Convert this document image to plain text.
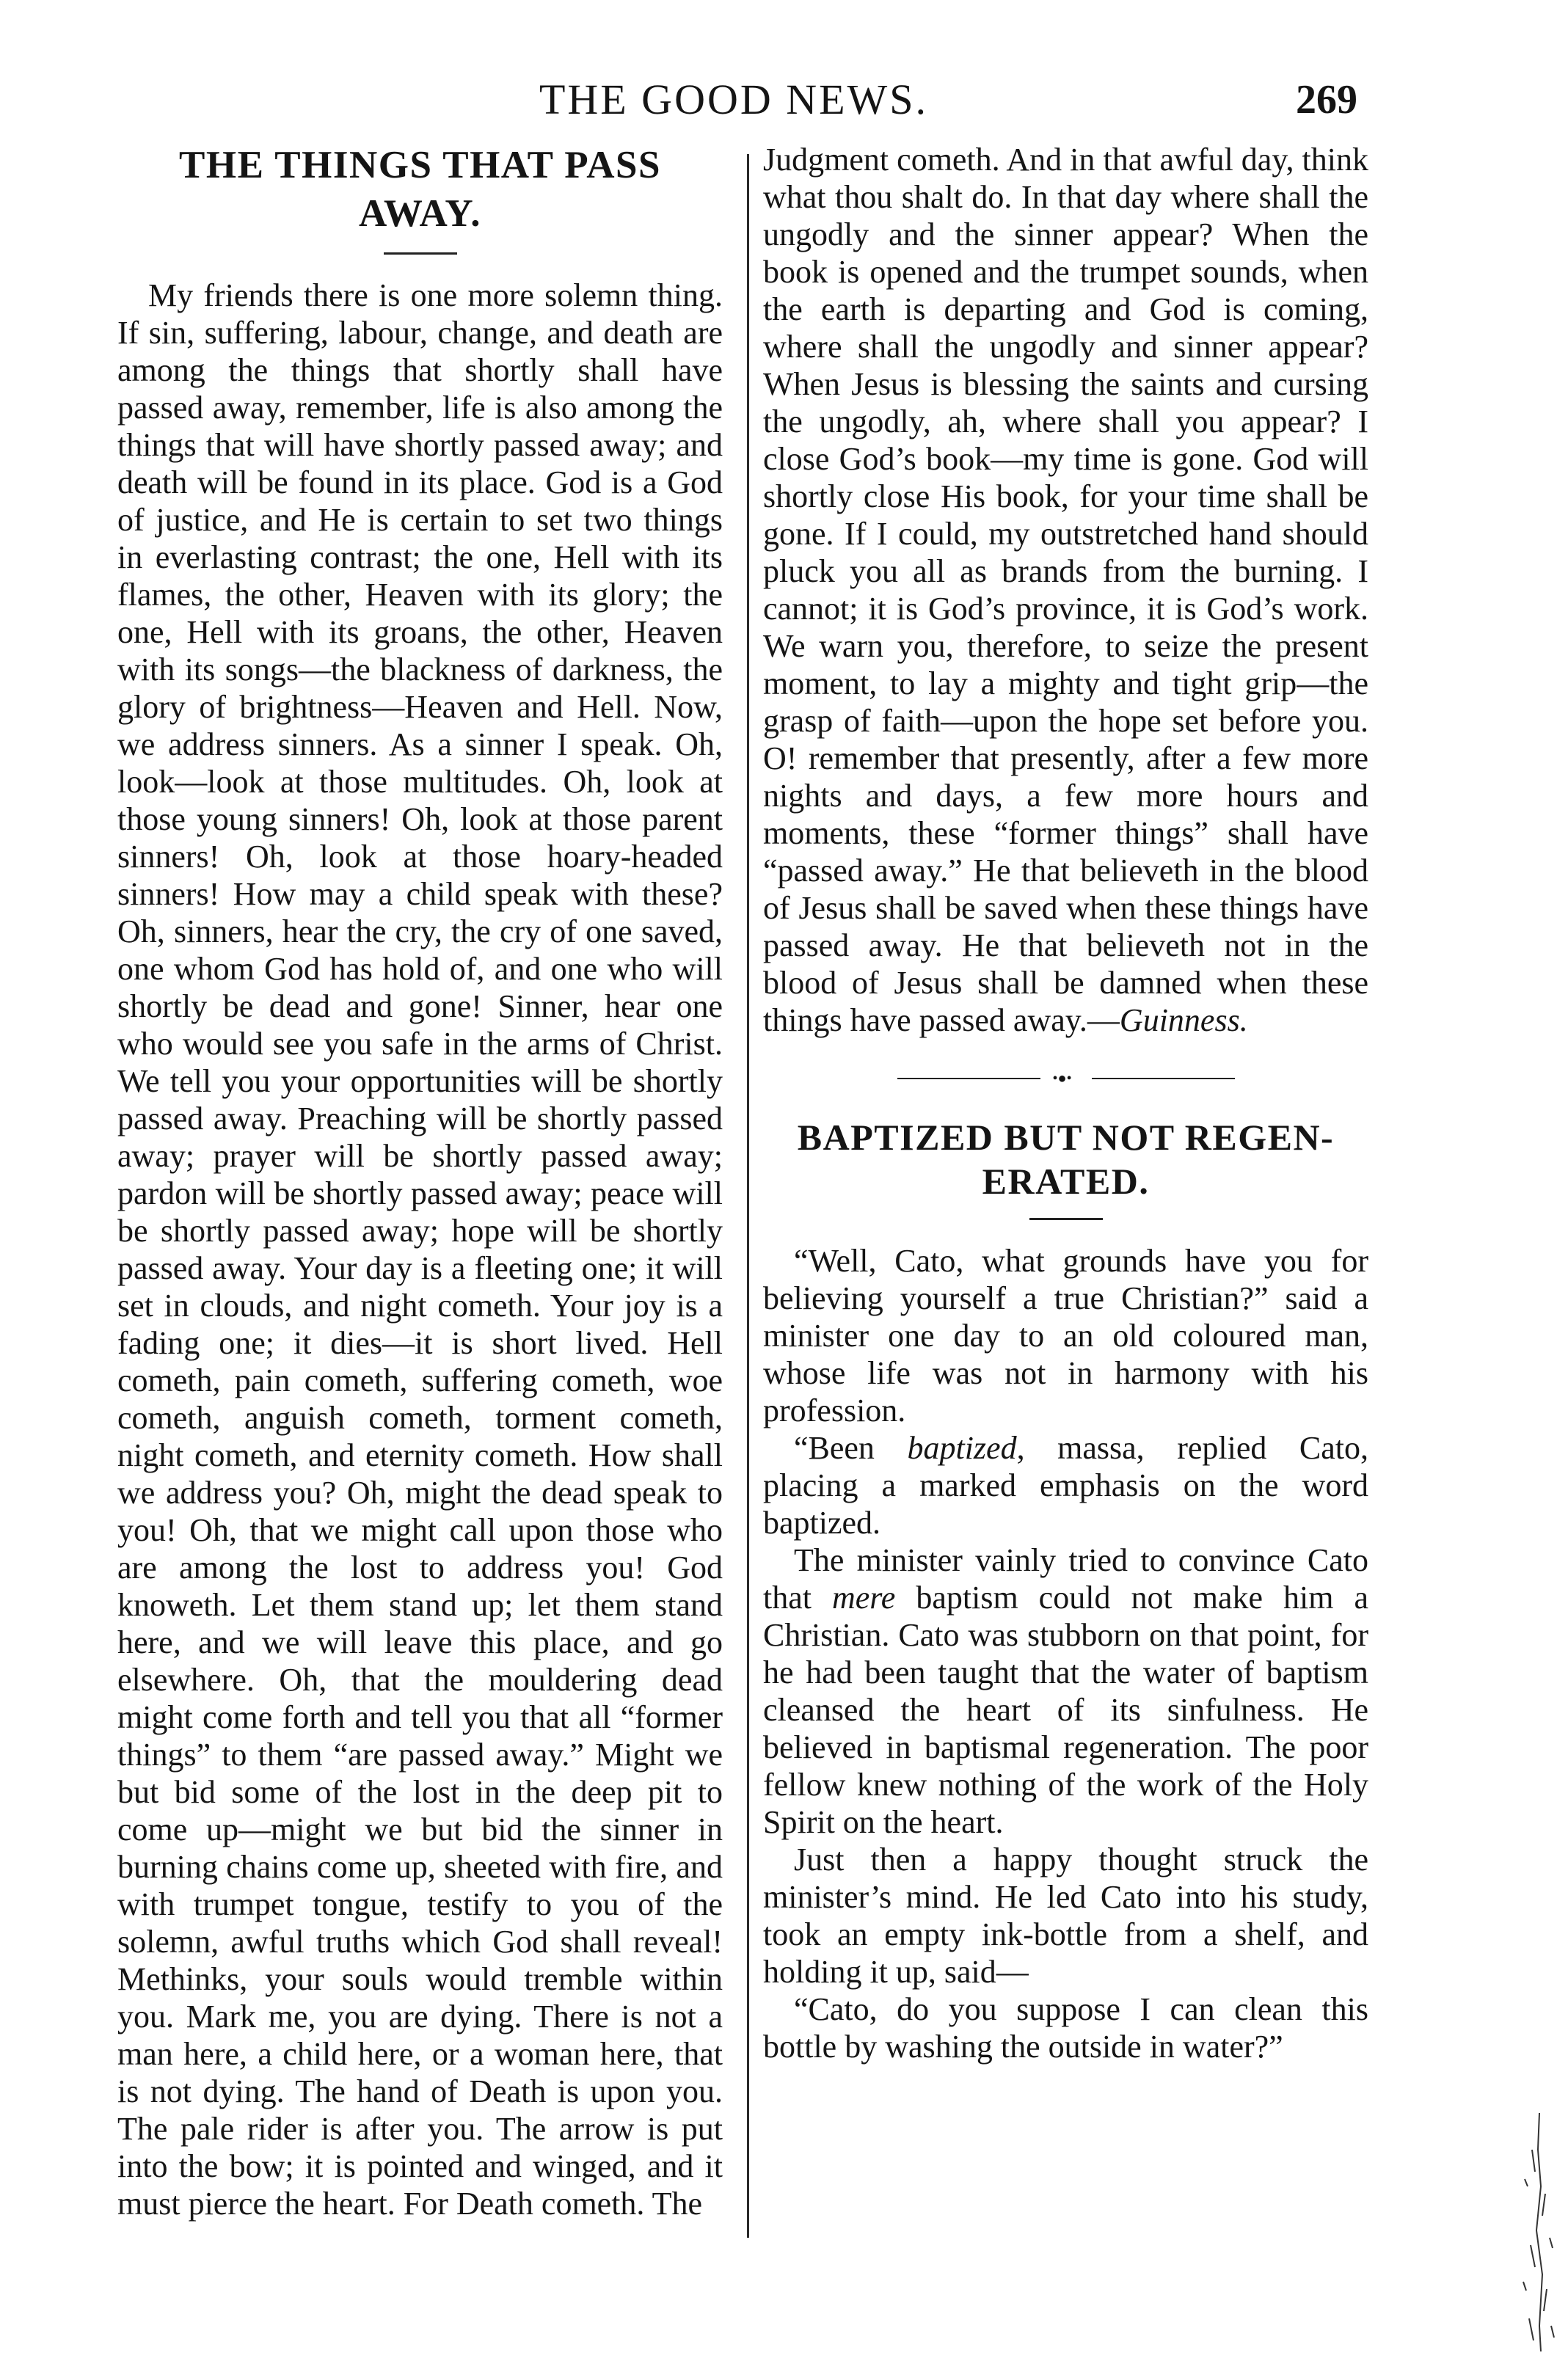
THE GOOD NEWS.	269
THE THINGS THAT PASS AWAY.

My friends there is one more solemn thing. If sin, suffering, labour, change, and death are among the things that shortly shall have passed away, remember, life is also among the things that will have shortly passed away; and death will be found in its place. God is a God of justice, and He is certain to set two things in everlasting contrast; the one, Hell with its flames, the other, Heaven with its glory; the one, Hell with its groans, the other, Heaven with its songs—the blackness of darkness, the glory of brightness—Heaven and Hell. Now, we address sinners. As a sinner I speak. Oh, look—look at those multitudes. Oh, look at those young sinners! Oh, look at those parent sinners! Oh, look at those hoary-headed sinners! How may a child speak with these? Oh, sinners, hear the cry, the cry of one saved, one whom God has hold of, and one who will shortly be dead and gone! Sinner, hear one who would see you safe in the arms of Christ. We tell you your opportunities will be shortly passed away. Preaching will be shortly passed away; prayer will be shortly passed away; pardon will be shortly passed away; peace will be shortly passed away; hope will be shortly passed away. Your day is a fleeting one; it will set in clouds, and night cometh. Your joy is a fading one; it dies—it is short lived. Hell cometh, pain cometh, suffering cometh, woe cometh, anguish cometh, torment cometh, night cometh, and eternity cometh. How shall we address you? Oh, might the dead speak to you! Oh, that we might call upon those who are among the lost to address you! God knoweth. Let them stand up; let them stand here, and we will leave this place, and go elsewhere. Oh, that the mouldering dead might come forth and tell you that all “former things” to them “are passed away.” Might we but bid some of the lost in the deep pit to come up—might we but bid the sinner in burning chains come up, sheeted with fire, and with trumpet tongue, testify to you of the solemn, awful truths which God shall reveal! Methinks, your souls would tremble within you. Mark me, you are dying. There is not a man here, a child here, or a woman here, that is not dying. The hand of Death is upon you. The pale rider is after you. The arrow is put into the bow; it is pointed and winged, and it must pierce the heart. For Death cometh. The

Judgment cometh. And in that awful day, think what thou shalt do. In that day where shall the ungodly and the sinner appear? When the book is opened and the trumpet sounds, when the earth is departing and God is coming, where shall the ungodly and sinner appear? When Jesus is blessing the saints and cursing the ungodly, ah, where shall you appear? I close God’s book—my time is gone. God will shortly close His book, for your time shall be gone. If I could, my outstretched hand should pluck you all as brands from the burning. I cannot; it is God’s province, it is God’s work. We warn you, therefore, to seize the present moment, to lay a mighty and tight grip—the grasp of faith—upon the hope set before you. O! remember that presently, after a few more nights and days, a few more hours and moments, these “former things” shall have “passed away.” He that believeth in the blood of Jesus shall be saved when these things have passed away. He that believeth not in the blood of Jesus shall be damned when these things have passed away.—Guinness.

•●•
BAPTIZED BUT NOT REGEN-
ERATED.

“Well, Cato, what grounds have you for believing yourself a true Christian?” said a minister one day to an old coloured man, whose life was not in harmony with his profession.

“Been baptized, massa, replied Cato, placing a marked emphasis on the word baptized.

The minister vainly tried to convince Cato that mere baptism could not make him a Christian. Cato was stubborn on that point, for he had been taught that the water of baptism cleansed the heart of its sinfulness. He believed in baptismal regeneration. The poor fellow knew nothing of the work of the Holy Spirit on the heart.

Just then a happy thought struck the minister’s mind. He led Cato into his study, took an empty ink-bottle from a shelf, and holding it up, said—

“Cato, do you suppose I can clean this bottle by washing the outside in water?”
